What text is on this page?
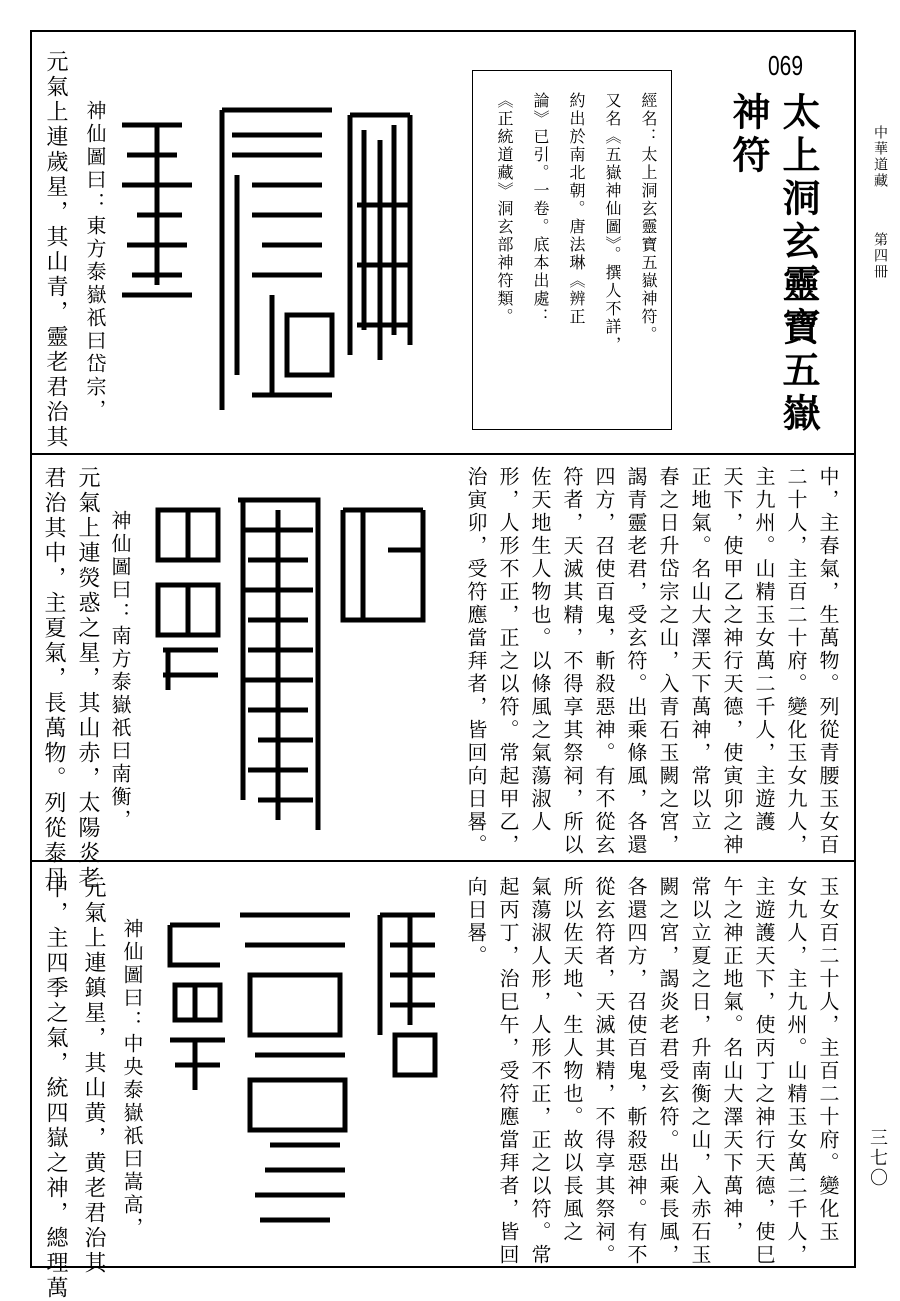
中華道藏
第四冊
三七〇
069
太上洞玄靈寶五嶽
神符
經名：太上洞玄靈寶五嶽神符。
又名《五嶽神仙圖》。撰人不詳，
約出於南北朝。唐法琳《辨正
論》已引。一卷。底本出處：
《正統道藏》洞玄部神符類。
神仙圖曰：東方泰嶽祇曰岱宗，
元氣上連歲星，其山青，靈老君治其
中，主春氣，生萬物。列從青腰玉女百
二十人，主百二十府。變化玉女九人，
主九州。山精玉女萬二千人，主遊護
天下，使甲乙之神行天德，使寅卯之神
正地氣。名山大澤天下萬神，常以立
春之日升岱宗之山，入青石玉闕之宮，
謁青靈老君，受玄符。出乘條風，各還
四方，召使百鬼，斬殺惡神。有不從玄
符者，天滅其精，不得享其祭祠，所以
佐天地生人物也。以條風之氣蕩淑人
形，人形不正，正之以符。常起甲乙，
治寅卯，受符應當拜者，皆回向日晷。
神仙圖曰：南方泰嶽祇曰南衡，
元氣上連熒惑之星，其山赤，太陽炎老
君治其中，主夏氣，長萬物。列從泰丹
玉女百二十人，主百二十府。變化玉
女九人，主九州。山精玉女萬二千人，
主遊護天下，使丙丁之神行天德，使巳
午之神正地氣。名山大澤天下萬神，
常以立夏之日，升南衡之山，入赤石玉
闕之宮，謁炎老君受玄符。出乘長風，
各還四方，召使百鬼，斬殺惡神。有不
從玄符者，天滅其精，不得享其祭祠。
所以佐天地、生人物也。故以長風之
氣蕩淑人形，人形不正，正之以符。常
起丙丁，治巳午，受符應當拜者，皆回
向日晷。
神仙圖曰：中央泰嶽祇曰嵩高，
元氣上連鎮星，其山黄，黄老君治其
中，主四季之氣，統四嶽之神，總理萬
